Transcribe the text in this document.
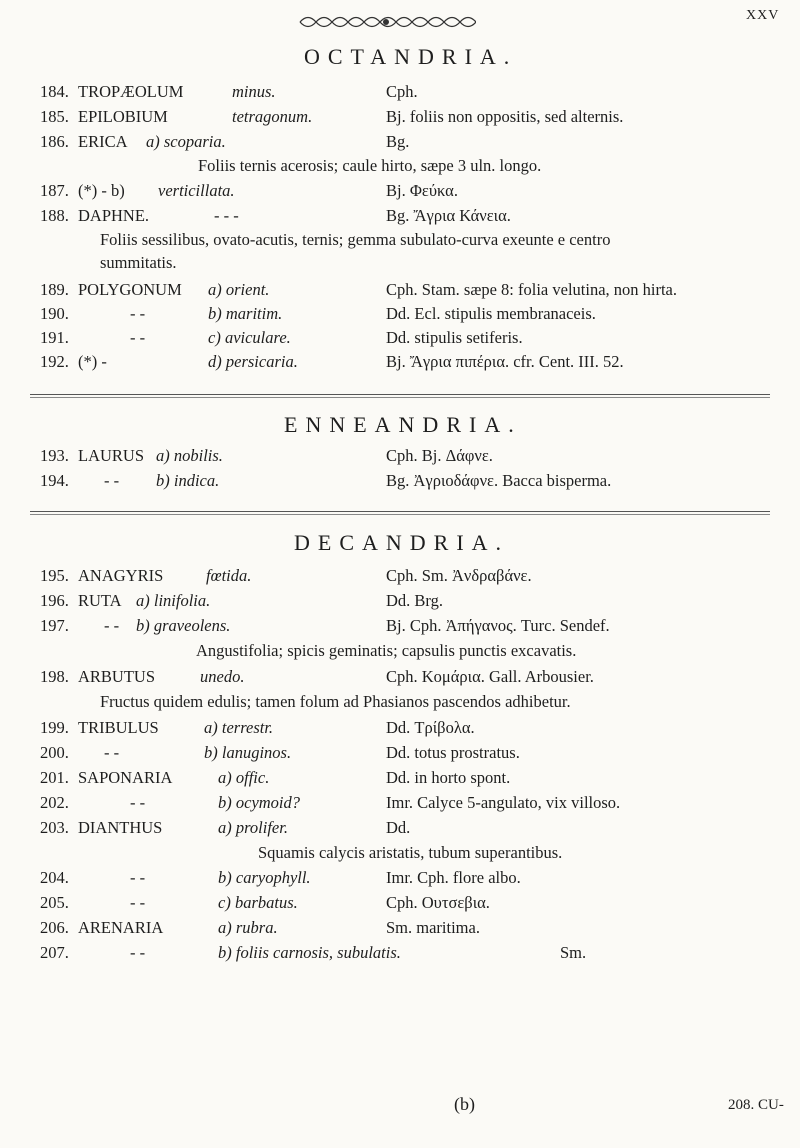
XXV
OCTANDRIA.
184. TROPÆOLUM	minus.	Cph.
185. EPILOBIUM	tetragonum.	Bj. foliis non oppositis, sed alternis.
186. ERICA a) scoparia.	Bg.
Foliis ternis acerosis; caule hirto, sæpe 3 uln. longo.
187. (*) - b) verticillata.	Bj. Φεύκα.
188. DAPHNE.	- - -	Bg. Ἄγρια Κάνεια.
Foliis sessilibus, ovato-acutis, ternis; gemma subulato-curva exeunte e centro
summitatis.
189. POLYGONUM a) orient.	Cph. Stam. sæpe 8: folia velutina, non hirta.
190.	- -	b) maritim.	Dd. Ecl. stipulis membranaceis.
191.	- -	c) aviculare.	Dd. stipulis setiferis.
192. (*) -	d) persicaria.	Bj. Ἄγρια πιπέρια. cfr. Cent. III. 52.
ENNEANDRIA.
193. LAURUS a) nobilis.	Cph. Bj. Δάφνε.
194. - - b) indica.	Bg. Ἀγριοδάφνε. Bacca bisperma.
DECANDRIA.
195. ANAGYRIS	fœtida.	Cph. Sm. Ἀνδραβάνε.
196. RUTA a) linifolia.	Dd. Brg.
197. - - b) graveolens.	Bj. Cph. Ἀπήγανος. Turc. Sendef.
Angustifolia; spicis geminatis; capsulis punctis excavatis.
198. ARBUTUS	unedo.	Cph. Κομάρια. Gall. Arbousier.
Fructus quidem edulis; tamen folum ad Phasianos pascendos adhibetur.
199. TRIBULUS	a) terrestr.	Dd. Τρίβολα.
200. - -	b) lanuginos.	Dd. totus prostratus.
201. SAPONARIA	a) offic.	Dd. in horto spont.
202.	- -	b) ocymoid?	Imr. Calyce 5-angulato, vix villoso.
203. DIANTHUS	a) prolifer.	Dd.
Squamis calycis aristatis, tubum superantibus.
204.	- -	b) caryophyll.	Imr. Cph. flore albo.
205.	- -	c) barbatus.	Cph. Ουτσεβια.
206. ARENARIA	a) rubra.	Sm. maritima.
207.	- -	b) foliis carnosis, subulatis.	Sm.
(b)	208. CU-
